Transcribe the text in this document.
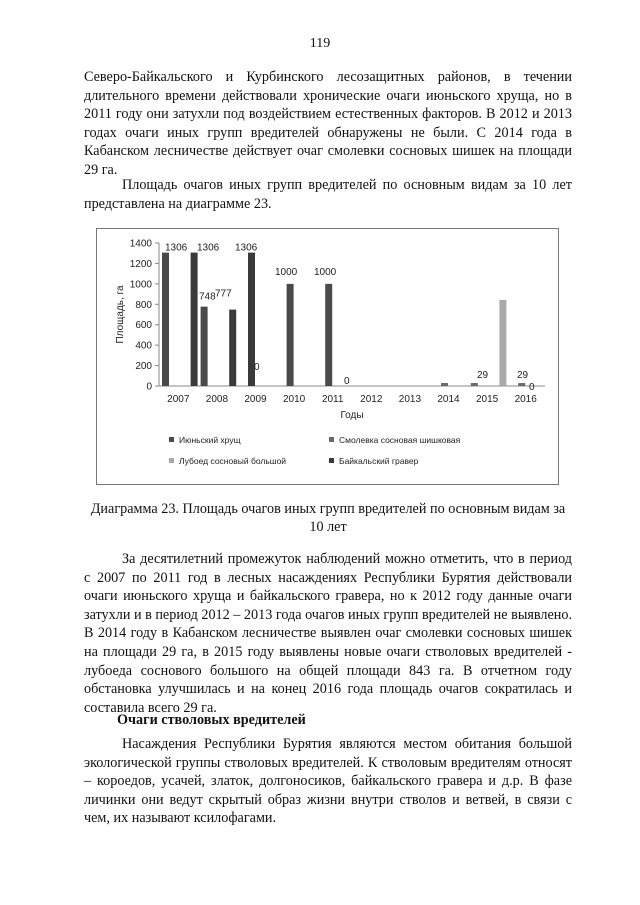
119
Северо-Байкальского и Курбинского лесозащитных районов, в течении длительного времени действовали хронические очаги июньского хруща, но в 2011 году они затухли под воздействием естественных факторов. В 2012 и 2013 годах очаги иных групп вредителей обнаружены не были. С 2014 года в Кабанском лесничестве действует очаг смолевки сосновых шишек на площади 29 га.
Площадь очагов иных групп вредителей по основным видам за 10 лет представлена на диаграмме 23.
0
200
400
600
800
1000
1200
1400
Площадь, га
2007 2008 2009 2010 2011 2012 2013 2014 2015 2016
Годы
1306 1306
777
748
1306
0
1000 1000
0
29	29
0
Июньский хрущ	Смолевка сосновая шишковая
Лубоед сосновый большой	Байкальский гравер
Диаграмма 23. Площадь очагов иных групп вредителей по основным видам за 10 лет
За десятилетний промежуток наблюдений можно отметить, что в период с 2007 по 2011 год в лесных насаждениях Республики Бурятия действовали очаги июньского хруща и байкальского гравера, но к 2012 году данные очаги затухли и в период 2012 – 2013 года очагов иных групп вредителей не выявлено. В 2014 году в Кабанском лесничестве выявлен очаг смолевки сосновых шишек на площади 29 га, в 2015 году выявлены новые очаги стволовых вредителей - лубоеда соснового большого на общей площади 843 га. В отчетном году обстановка улучшилась и на конец 2016 года площадь очагов сократилась и составила всего 29 га.
Очаги стволовых вредителей
Насаждения Республики Бурятия являются местом обитания большой экологической группы стволовых вредителей. К стволовым вредителям относят – короедов, усачей, златок, долгоносиков, байкальского гравера и д.р. В фазе личинки они ведут скрытый образ жизни внутри стволов и ветвей, в связи с чем, их называют ксилофагами.
